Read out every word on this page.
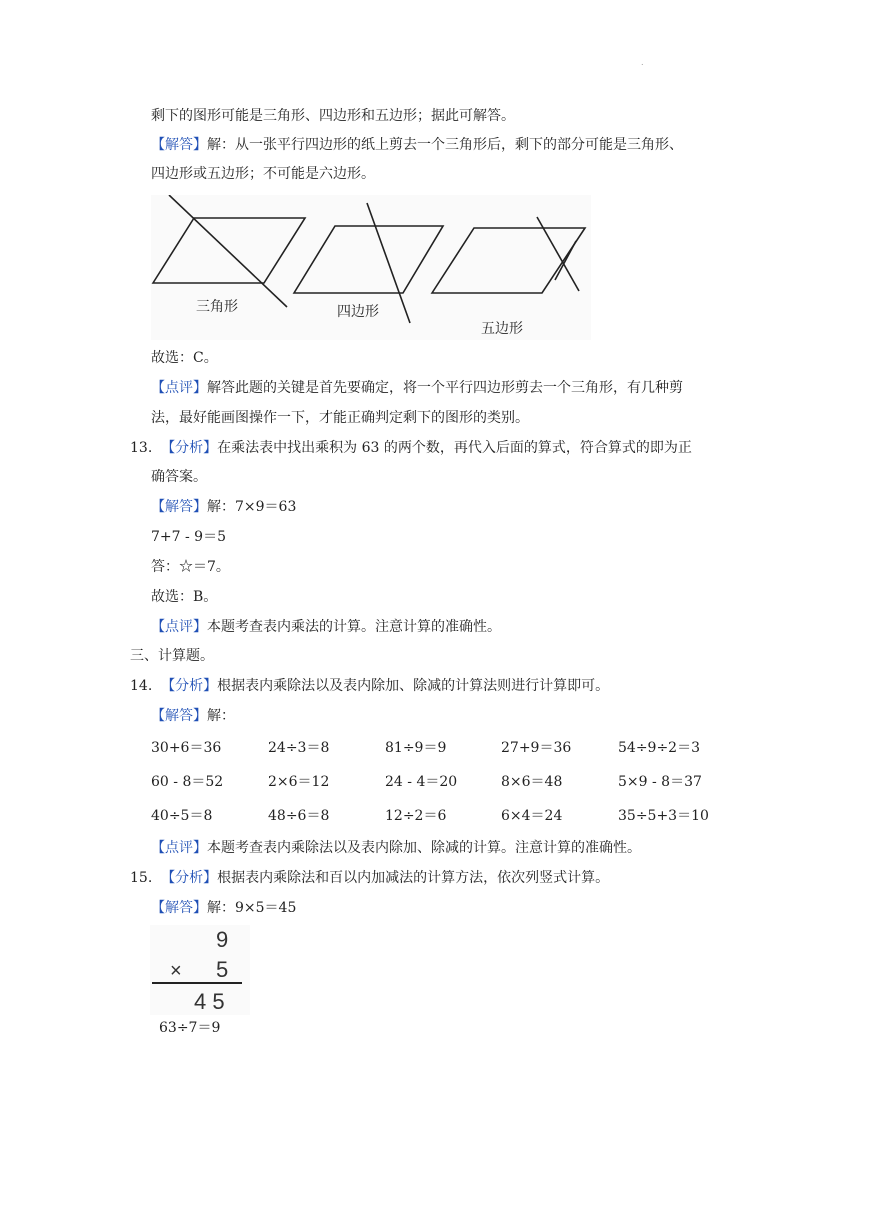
.
剩下的图形可能是三角形、四边形和五边形；据此可解答。
【解答】解：从一张平行四边形的纸上剪去一个三角形后，剩下的部分可能是三角形、
四边形或五边形；不可能是六边形。
三角形	四边形
五边形
故选：C。
【点评】解答此题的关键是首先要确定，将一个平行四边形剪去一个三角形，有几种剪
法，最好能画图操作一下，才能正确判定剩下的图形的类别。
13. 【分析】在乘法表中找出乘积为 63 的两个数，再代入后面的算式，符合算式的即为正
确答案。
【解答】解：7×9＝63
7+7 - 9＝5
答：☆＝7。
故选：B。
【点评】本题考查表内乘法的计算。注意计算的准确性。
三、计算题。
14. 【分析】根据表内乘除法以及表内除加、除减的计算法则进行计算即可。
【解答】解：
30+6＝36	24÷3＝8	81÷9＝9	27+9＝36	54÷9÷2＝3
60 - 8＝52	2×6＝12	24 - 4＝20	8×6＝48	5×9 - 8＝37
40÷5＝8	48÷6＝8	12÷2＝6	6×4＝24	35÷5+3＝10
【点评】本题考查表内乘除法以及表内除加、除减的计算。注意计算的准确性。
15. 【分析】根据表内乘除法和百以内加减法的计算方法，依次列竖式计算。
【解答】解：9×5＝45
9
× 5
4 5
63÷7＝9
